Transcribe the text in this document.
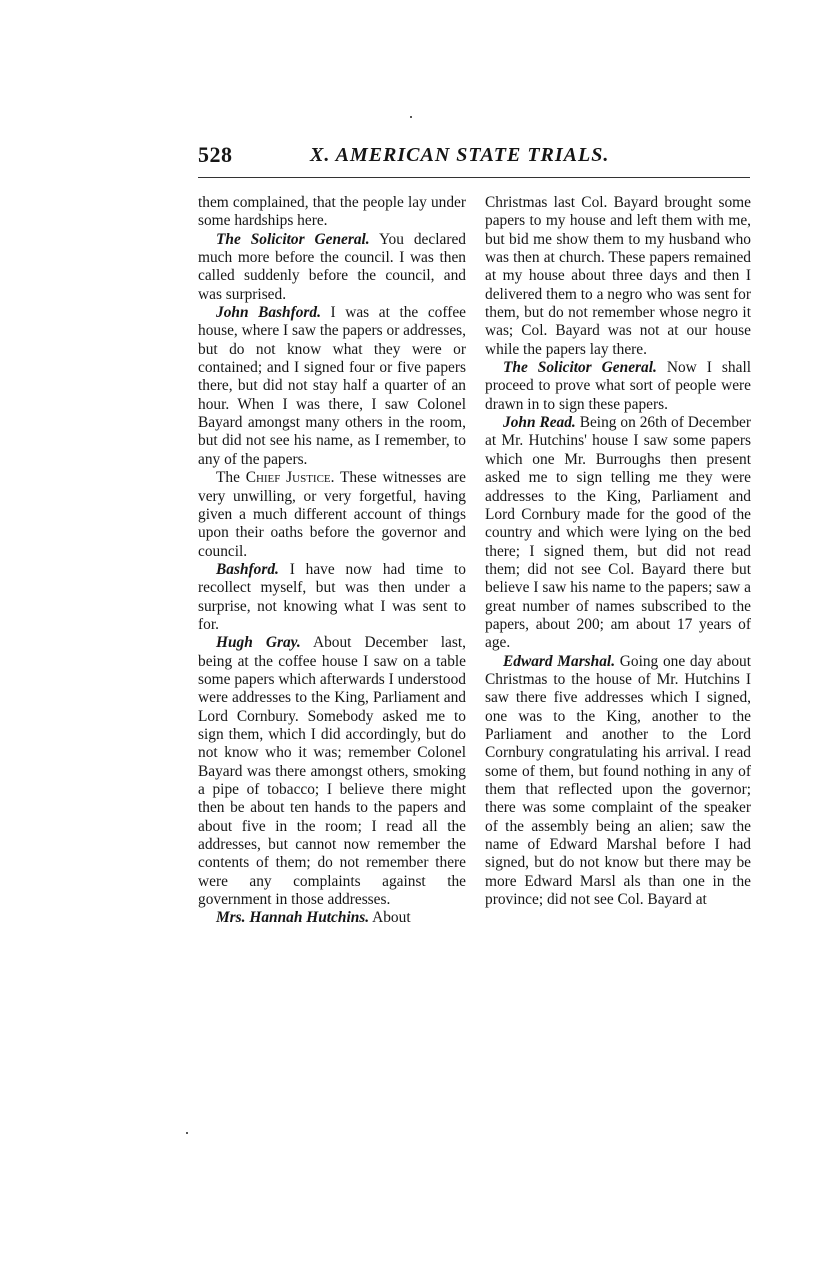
528	X. AMERICAN STATE TRIALS.

them complained, that the people lay under some hardships here.

The Solicitor General. You declared much more before the council. I was then called suddenly before the council, and was surprised.

John Bashford. I was at the coffee house, where I saw the papers or addresses, but do not know what they were or contained; and I signed four or five papers there, but did not stay half a quarter of an hour. When I was there, I saw Colonel Bayard amongst many others in the room, but did not see his name, as I remember, to any of the papers.

The Chief Justice. These witnesses are very unwilling, or very forgetful, having given a much different account of things upon their oaths before the governor and council.

Bashford. I have now had time to recollect myself, but was then under a surprise, not knowing what I was sent to for.

Hugh Gray. About December last, being at the coffee house I saw on a table some papers which afterwards I understood were addresses to the King, Parliament and Lord Cornbury. Somebody asked me to sign them, which I did accordingly, but do not know who it was; remember Colonel Bayard was there amongst others, smoking a pipe of tobacco; I believe there might then be about ten hands to the papers and about five in the room; I read all the addresses, but cannot now remember the contents of them; do not remember there were any complaints against the government in those addresses.

Mrs. Hannah Hutchins. About

Christmas last Col. Bayard brought some papers to my house and left them with me, but bid me show them to my husband who was then at church. These papers remained at my house about three days and then I delivered them to a negro who was sent for them, but do not remember whose negro it was; Col. Bayard was not at our house while the papers lay there.

The Solicitor General. Now I shall proceed to prove what sort of people were drawn in to sign these papers.

John Read. Being on 26th of December at Mr. Hutchins' house I saw some papers which one Mr. Burroughs then present asked me to sign telling me they were addresses to the King, Parliament and Lord Cornbury made for the good of the country and which were lying on the bed there; I signed them, but did not read them; did not see Col. Bayard there but believe I saw his name to the papers; saw a great number of names subscribed to the papers, about 200; am about 17 years of age.

Edward Marshal. Going one day about Christmas to the house of Mr. Hutchins I saw there five addresses which I signed, one was to the King, another to the Parliament and another to the Lord Cornbury congratulating his arrival. I read some of them, but found nothing in any of them that reflected upon the governor; there was some complaint of the speaker of the assembly being an alien; saw the name of Edward Marshal before I had signed, but do not know but there may be more Edward Marsl als than one in the province; did not see Col. Bayard at
